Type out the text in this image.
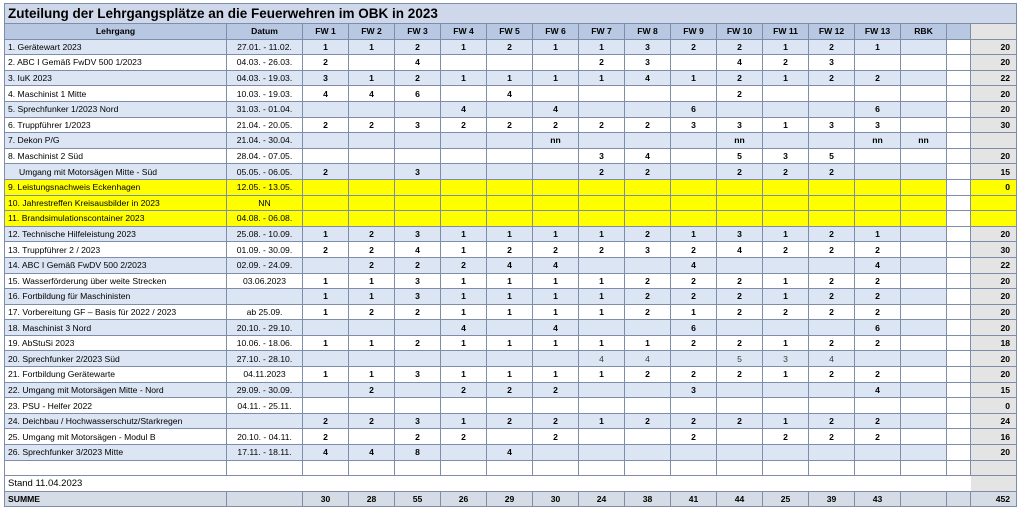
Zuteilung der Lehrgangsplätze an die Feuerwehren im OBK in 2023																	
Lehrgang	Datum	FW 1	FW 2	FW 3	FW 4	FW 5	FW 6	FW 7	FW 8	FW 9	FW 10	FW 11	FW 12	FW 13	RBK		
1. Gerätewart 2023	27.01. - 11.02.	1	1	2	1	2	1	1	3	2	2	1	2	1			20
2. ABC I Gemäß FwDV 500 1/2023	04.03. - 26.03.	2		4				2	3		4	2	3				20
3. IuK 2023	04.03. - 19.03.	3	1	2	1	1	1	1	4	1	2	1	2	2			22
4. Maschinist 1 Mitte	10.03. - 19.03.	4	4	6		4					2						20
5. Sprechfunker 1/2023 Nord	31.03. - 01.04.				4		4			6				6			20
6. Truppführer 1/2023	21.04. - 20.05.	2	2	3	2	2	2	2	2	3	3	1	3	3			30
7. Dekon P/G	21.04. - 30.04.						nn				nn			nn	nn		
8. Maschinist 2 Süd	28.04. - 07.05.							3	4		5	3	5				20
Umgang mit Motorsägen Mitte - Süd	05.05. - 06.05.	2		3				2	2		2	2	2				15
9. Leistungsnachweis Eckenhagen	12.05. - 13.05.																0
10. Jahrestreffen Kreisausbilder in 2023	NN																
11. Brandsimulationscontainer 2023	04.08. - 06.08.																
12. Technische Hilfeleistung 2023	25.08. - 10.09.	1	2	3	1	1	1	1	2	1	3	1	2	1			20
13. Truppführer 2 / 2023	01.09. - 30.09.	2	2	4	1	2	2	2	3	2	4	2	2	2			30
14. ABC I Gemäß FwDV 500 2/2023	02.09. - 24.09.		2	2	2	4	4			4				4			22
15. Wasserförderung über weite Strecken	03.06.2023	1	1	3	1	1	1	1	2	2	2	1	2	2			20
16. Fortbildung für Maschinisten		1	1	3	1	1	1	1	2	2	2	1	2	2			20
17. Vorbereitung GF – Basis für 2022 / 2023	ab 25.09.	1	2	2	1	1	1	1	2	1	2	2	2	2			20
18. Maschinist 3 Nord	20.10. - 29.10.				4		4			6				6			20
19. AbStuSi 2023	10.06. - 18.06.	1	1	2	1	1	1	1	1	2	2	1	2	2			18
20. Sprechfunker 2/2023 Süd	27.10. - 28.10.							4	4		5	3	4				20
21. Fortbildung Gerätewarte	04.11.2023	1	1	3	1	1	1	1	2	2	2	1	2	2			20
22. Umgang mit Motorsägen Mitte - Nord	29.09. - 30.09.		2		2	2	2			3				4			15
23. PSU - Helfer 2022	04.11. - 25.11.																0
24. Deichbau / Hochwasserschutz/Starkregen		2	2	3	1	2	2	1	2	2	2	1	2	2			24
25. Umgang mit Motorsägen - Modul B	20.10. - 04.11.	2		2	2		2			2		2	2	2			16
26. Sprechfunker 3/2023 Mitte	17.11. - 18.11.	4	4	8		4											20

Stand 11.04.2023																	
SUMME		30	28	55	26	29	30	24	38	41	44	25	39	43			452
